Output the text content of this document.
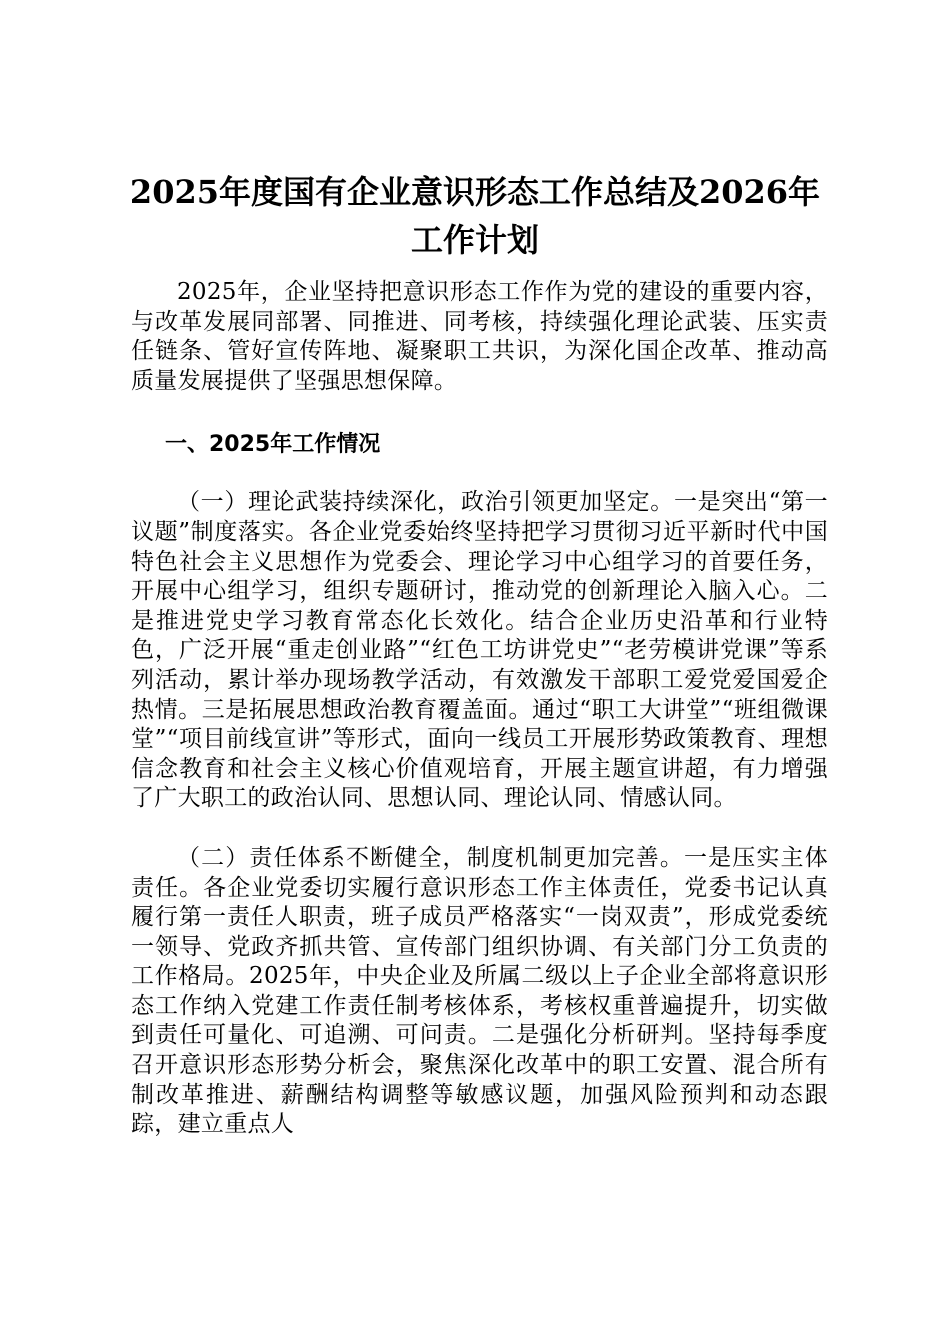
2025年度国有企业意识形态工作总结及2026年工作计划

2025年，企业坚持把意识形态工作作为党的建设的重要内容，与改革发展同部署、同推进、同考核，持续强化理论武装、压实责任链条、管好宣传阵地、凝聚职工共识，为深化国企改革、推动高质量发展提供了坚强思想保障。

一、2025年工作情况

（一）理论武装持续深化，政治引领更加坚定。一是突出“第一议题”制度落实。各企业党委始终坚持把学习贯彻习近平新时代中国特色社会主义思想作为党委会、理论学习中心组学习的首要任务，开展中心组学习，组织专题研讨，推动党的创新理论入脑入心。二是推进党史学习教育常态化长效化。结合企业历史沿革和行业特色，广泛开展“重走创业路”“红色工坊讲党史”“老劳模讲党课”等系列活动，累计举办现场教学活动，有效激发干部职工爱党爱国爱企热情。三是拓展思想政治教育覆盖面。通过“职工大讲堂”“班组微课堂”“项目前线宣讲”等形式，面向一线员工开展形势政策教育、理想信念教育和社会主义核心价值观培育，开展主题宣讲超，有力增强了广大职工的政治认同、思想认同、理论认同、情感认同。

（二）责任体系不断健全，制度机制更加完善。一是压实主体责任。各企业党委切实履行意识形态工作主体责任，党委书记认真履行第一责任人职责，班子成员严格落实“一岗双责”，形成党委统一领导、党政齐抓共管、宣传部门组织协调、有关部门分工负责的工作格局。2025年，中央企业及所属二级以上子企业全部将意识形态工作纳入党建工作责任制考核体系，考核权重普遍提升，切实做到责任可量化、可追溯、可问责。二是强化分析研判。坚持每季度召开意识形态形势分析会，聚焦深化改革中的职工安置、混合所有制改革推进、薪酬结构调整等敏感议题，加强风险预判和动态跟踪，建立重点人
